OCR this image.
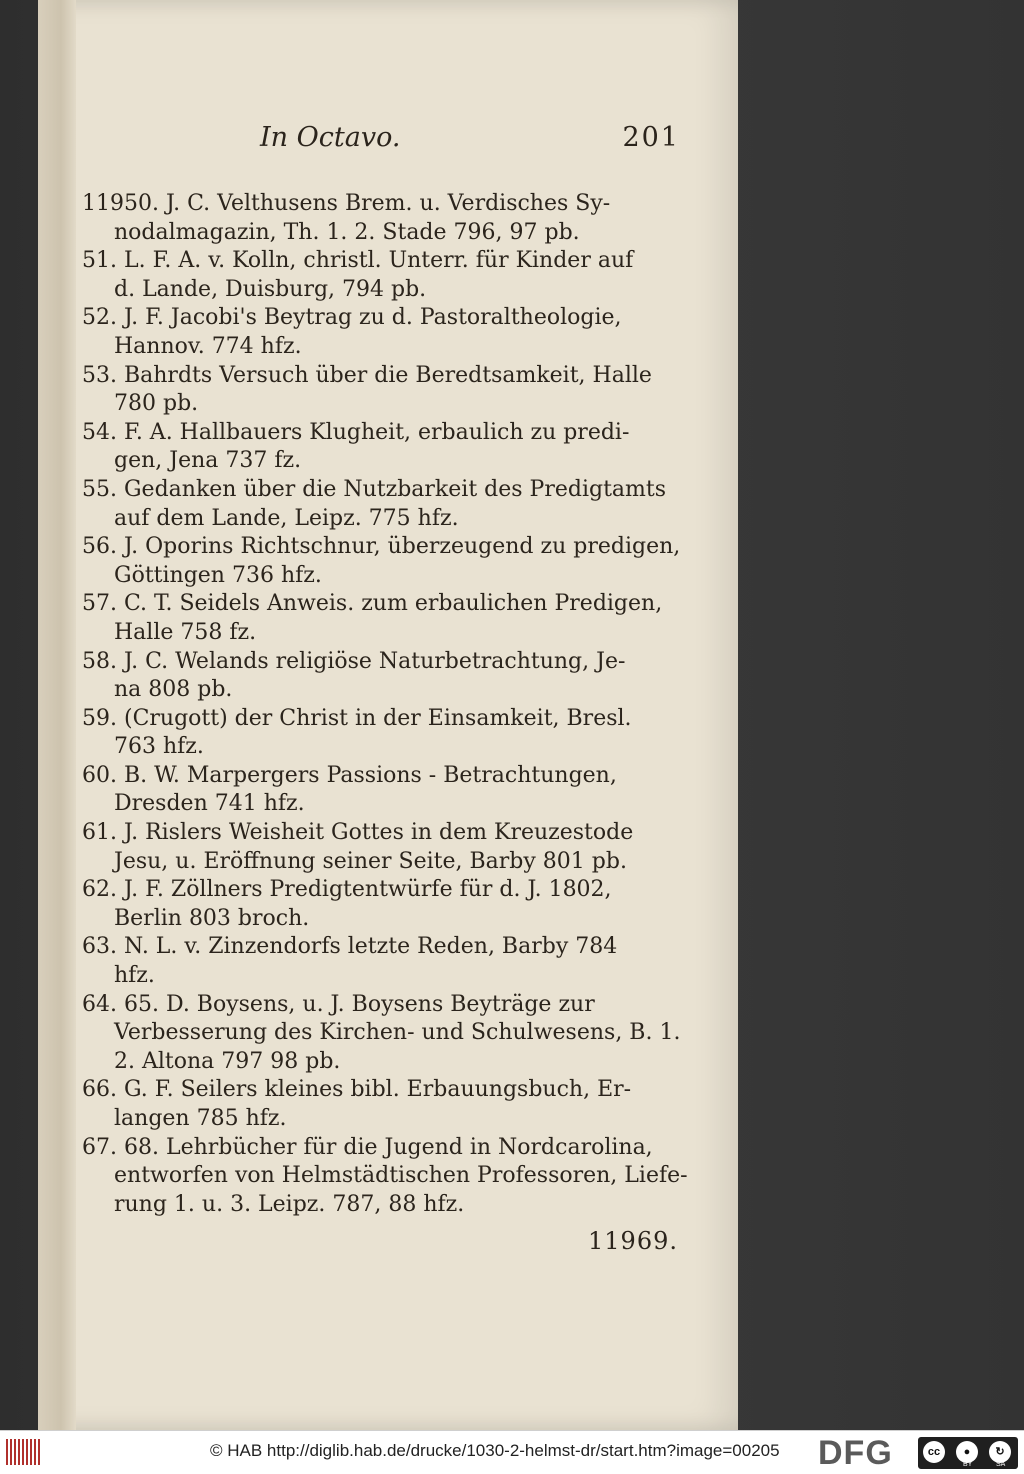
In Octavo.	201
11950. J. C. Velthusens Brem. u. Verdisches Sy-
nodalmagazin, Th. 1. 2. Stade 796, 97 pb.
51. L. F. A. v. Kolln, christl. Unterr. für Kinder auf
d. Lande, Duisburg, 794 pb.
52. J. F. Jacobi's Beytrag zu d. Pastoraltheologie,
Hannov. 774 hfz.
53. Bahrdts Versuch über die Beredtsamkeit, Halle
780 pb.
54. F. A. Hallbauers Klugheit, erbaulich zu predi-
gen, Jena 737 fz.
55. Gedanken über die Nutzbarkeit des Predigtamts
auf dem Lande, Leipz. 775 hfz.
56. J. Oporins Richtschnur, überzeugend zu predigen,
Göttingen 736 hfz.
57. C. T. Seidels Anweis. zum erbaulichen Predigen,
Halle 758 fz.
58. J. C. Welands religiöse Naturbetrachtung, Je-
na 808 pb.
59. (Crugott) der Christ in der Einsamkeit, Bresl.
763 hfz.
60. B. W. Marpergers Passions - Betrachtungen,
Dresden 741 hfz.
61. J. Rislers Weisheit Gottes in dem Kreuzestode
Jesu, u. Eröffnung seiner Seite, Barby 801 pb.
62. J. F. Zöllners Predigtentwürfe für d. J. 1802,
Berlin 803 broch.
63. N. L. v. Zinzendorfs letzte Reden, Barby 784
hfz.
64. 65. D. Boysens, u. J. Boysens Beyträge zur
Verbesserung des Kirchen- und Schulwesens, B. 1.
2. Altona 797 98 pb.
66. G. F. Seilers kleines bibl. Erbauungsbuch, Er-
langen 785 hfz.
67. 68. Lehrbücher für die Jugend in Nordcarolina,
entworfen von Helmstädtischen Professoren, Liefe-
rung 1. u. 3. Leipz. 787, 88 hfz.
11969.
© HAB http://diglib.hab.de/drucke/1030-2-helmst-dr/start.htm?image=00205 DFG	cc	●	↻
BY	SA
